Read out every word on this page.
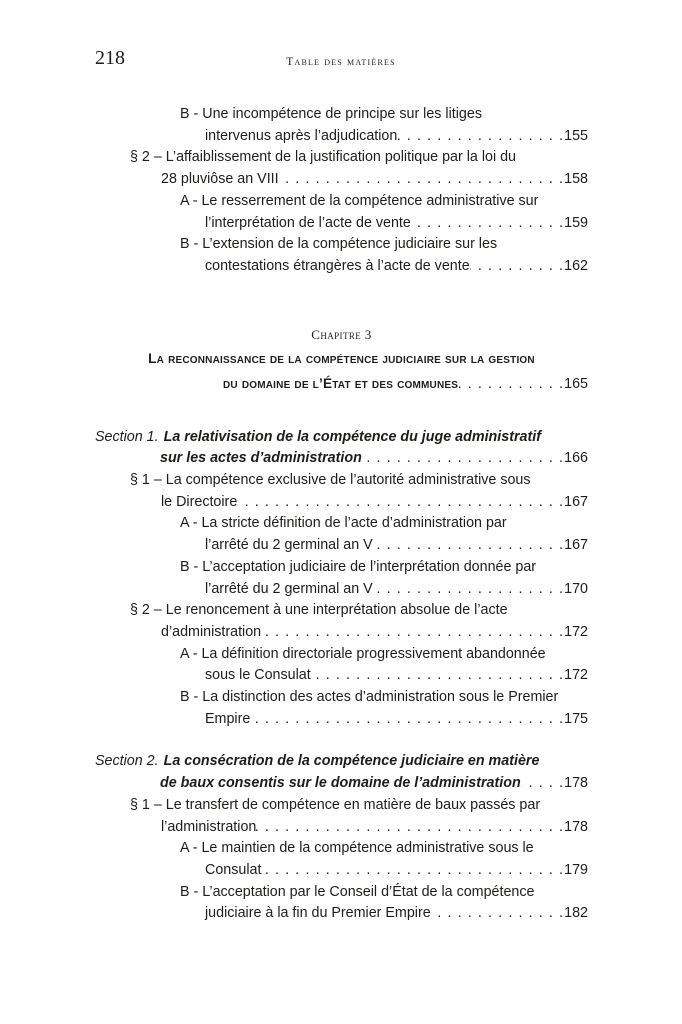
218	Table des matières
B - Une incompétence de principe sur les litiges
intervenus après l’adjudication . . .	155
§ 2 – L’affaiblissement de la justification politique par la loi du
28 pluviôse an VIII . . .	158
A - Le resserrement de la compétence administrative sur
l’interprétation de l’acte de vente . . .	159
B - L’extension de la compétence judiciaire sur les
contestations étrangères à l’acte de vente . . .	162
Chapitre 3
La reconnaissance de la compétence judiciaire sur la gestion
du domaine de l’État et des communes . . .	165
Section 1. La relativisation de la compétence du juge administratif
sur les actes d’administration . . .	166
§ 1 – La compétence exclusive de l’autorité administrative sous
le Directoire . . .	167
A - La stricte définition de l’acte d’administration par
l’arrêté du 2 germinal an V . . .	167
B - L’acceptation judiciaire de l’interprétation donnée par
l’arrêté du 2 germinal an V . . .	170
§ 2 – Le renoncement à une interprétation absolue de l’acte
d’administration . . .	172
A - La définition directoriale progressivement abandonnée
sous le Consulat . . .	172
B - La distinction des actes d’administration sous le Premier
Empire . . .	175
Section 2. La consécration de la compétence judiciaire en matière
de baux consentis sur le domaine de l’administration . . .	178
§ 1 – Le transfert de compétence en matière de baux passés par
l’administration . . .	178
A - Le maintien de la compétence administrative sous le
Consulat . . .	179
B - L’acceptation par le Conseil d’État de la compétence
judiciaire à la fin du Premier Empire . . .	182
